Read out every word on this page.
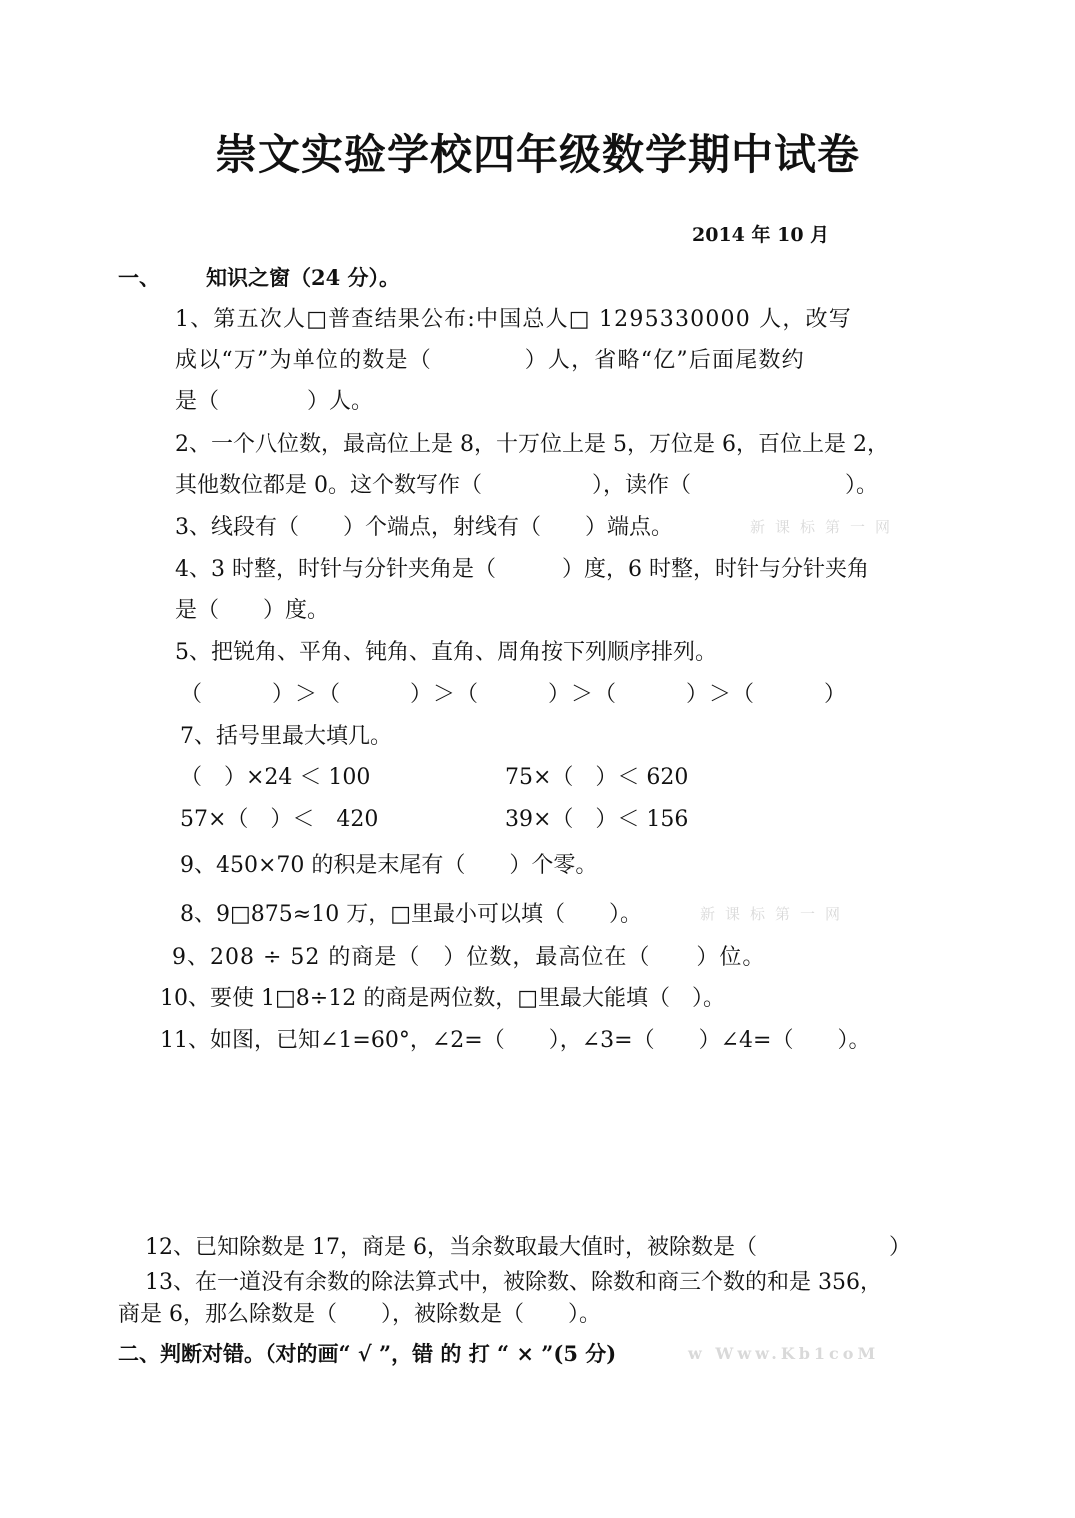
崇文实验学校四年级数学期中试卷
2014 年 10 月
一、 知识之窗（24 分）。
1、第五次人□普查结果公布:中国总人□ 1295330000 人，改写
成以“万”为单位的数是（　　　　）人，省略“亿”后面尾数约
是（　　　　）人。
2、一个八位数，最高位上是 8，十万位上是 5，万位是 6，百位上是 2，
其他数位都是 0。这个数写作（　　　　　），读作（　　　　　　　）。
3、线段有（　　）个端点，射线有（　　）端点。	新课标第一网
4、3 时整，时针与分针夹角是（　　　）度，6 时整，时针与分针夹角
是（　　）度。
5、把锐角、平角、钝角、直角、周角按下列顺序排列。
（　　　）＞（　　　）＞（　　　）＞（　　　）＞（　　　）
7、括号里最大填几。
（　）×24 ＜ 100	75×（　）＜ 620
57×（　）＜　420	39×（　）＜ 156
9、450×70 的积是末尾有（　　）个零。
8、9□875≈10 万，□里最小可以填（　　）。	新课标第一网
9、208 ÷ 52 的商是（　）位数，最高位在（　　）位。
10、要使 1□8÷12 的商是两位数，□里最大能填（　）。
11、如图，已知∠1=60°，∠2=（　　），∠3=（　　）∠4=（　　）。
12、已知除数是 17，商是 6，当余数取最大值时，被除数是（　　　　　　）
13、在一道没有余数的除法算式中，被除数、除数和商三个数的和是 356，
商是 6，那么除数是（　　），被除数是（　　）。
二、判断对错。（对的画“ √ ”，错 的 打 “ × ”(5 分)	w Www.Kb1coM
